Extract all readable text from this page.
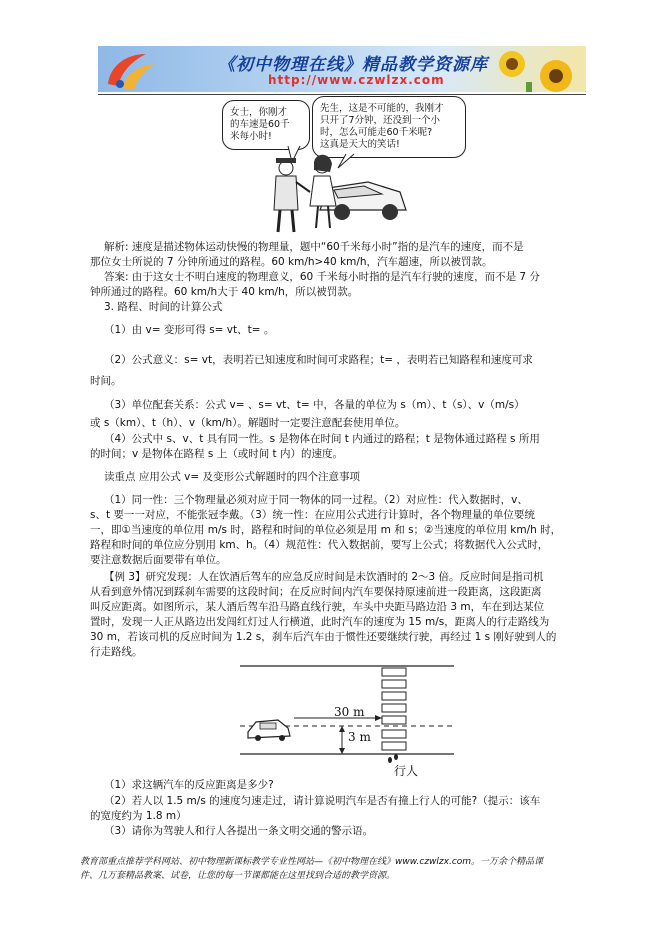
《初中物理在线》精品教学资源库
http://www.czwlzx.com
女士，你刚才
的车速是60千
米每小时!
先生，这是不可能的，我刚才
只开了7分钟，还没到一个小
时，怎么可能走60千米呢?
这真是天大的笑话!
解析: 速度是描述物体运动快慢的物理量，题中“60千米每小时”指的是汽车的速度，而不是
那位女士所说的 7 分钟所通过的路程。60 km/h>40 km/h，汽车超速，所以被罚款。
答案: 由于这女士不明白速度的物理意义，60 千米每小时指的是汽车行驶的速度，而不是 7 分
钟所通过的路程。60 km/h大于 40 km/h，所以被罚款。
3. 路程、时间的计算公式
（1）由 v= 变形可得 s= vt、t= 。
（2）公式意义：s= vt，表明若已知速度和时间可求路程；t= ，表明若已知路程和速度可求
时间。
（3）单位配套关系：公式 v= 、s= vt、t= 中，各量的单位为 s（m）、t（s）、v（m/s）
或 s（km）、t（h）、v（km/h）。解题时一定要注意配套使用单位。
（4）公式中 s、v、t 具有同一性。s 是物体在时间 t 内通过的路程；t 是物体通过路程 s 所用
的时间；v 是物体在路程 s 上（或时间 t 内）的速度。
读重点 应用公式 v= 及变形公式解题时的四个注意事项
（1）同一性：三个物理量必须对应于同一物体的同一过程。（2）对应性：代入数据时，v、
s、t 要一一对应，不能张冠李戴。（3）统一性：在应用公式进行计算时，各个物理量的单位要统
一，即①当速度的单位用 m/s 时，路程和时间的单位必须是用 m 和 s；②当速度的单位用 km/h 时，
路程和时间的单位应分别用 km、h。（4）规范性：代入数据前，要写上公式；将数据代入公式时，
要注意数据后面要带有单位。
【例 3】研究发现：人在饮酒后驾车的应急反应时间是未饮酒时的 2～3 倍。反应时间是指司机
从看到意外情况到踩刹车需要的这段时间；在反应时间内汽车要保持原速前进一段距离，这段距离
叫反应距离。如图所示，某人酒后驾车沿马路直线行驶，车头中央距马路边沿 3 m，车在到达某位
置时，发现一人正从路边出发闯红灯过人行横道，此时汽车的速度为 15 m/s，距离人的行走路线为
30 m，若该司机的反应时间为 1.2 s，刹车后汽车由于惯性还要继续行驶，再经过 1 s 刚好驶到人的
行走路线。
30 m
3 m
行人
（1）求这辆汽车的反应距离是多少?
（2）若人以 1.5 m/s 的速度匀速走过，请计算说明汽车是否有撞上行人的可能?（提示：该车
的宽度约为 1.8 m）
（3）请你为驾驶人和行人各提出一条文明交通的警示语。
教育部重点推荐学科网站、初中物理新课标教学专业性网站—《初中物理在线》www.czwlzx.com。一万余个精品课
件、几万套精品教案、试卷，让您的每一节课都能在这里找到合适的教学资源。
